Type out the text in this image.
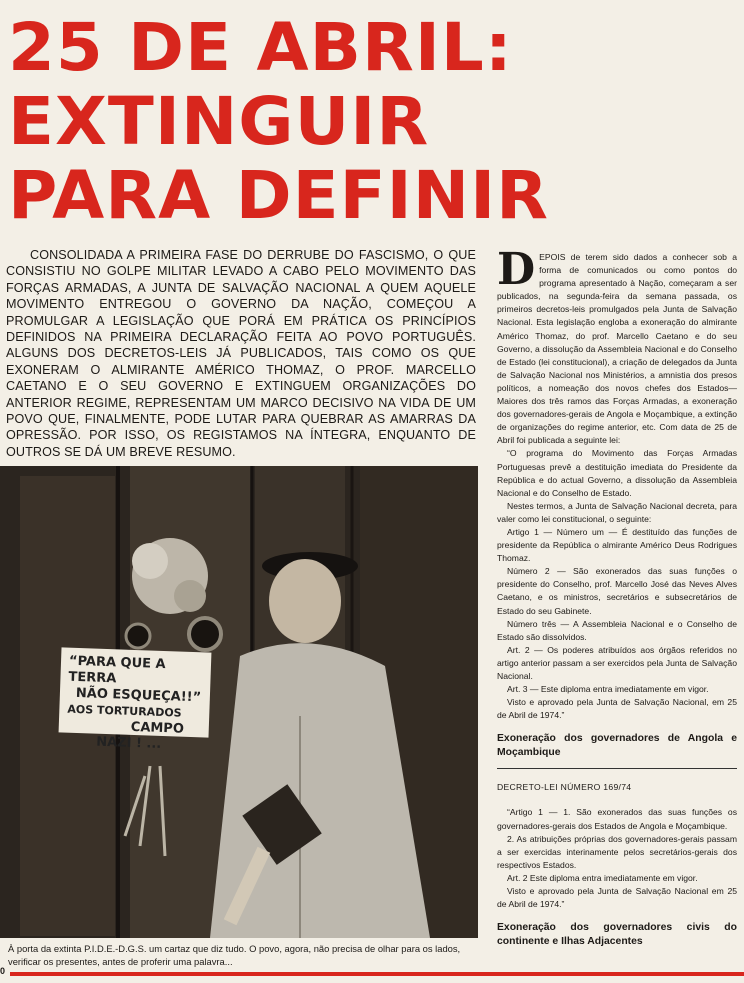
25 DE ABRIL:
EXTINGUIR
PARA DEFINIR
CONSOLIDADA A PRIMEIRA FASE DO DERRUBE DO FASCISMO, O QUE CONSISTIU NO GOLPE MILITAR LEVADO A CABO PELO MOVIMENTO DAS FORÇAS ARMADAS, A JUNTA DE SALVAÇÃO NACIONAL A QUEM AQUELE MOVIMENTO ENTREGOU O GOVERNO DA NAÇÃO, COMEÇOU A PROMULGAR A LEGISLAÇÃO QUE PORÁ EM PRÁTICA OS PRINCÍPIOS DEFINIDOS NA PRIMEIRA DECLARAÇÃO FEITA AO POVO PORTUGUÊS. ALGUNS DOS DECRETOS-LEIS JÁ PUBLICADOS, TAIS COMO OS QUE EXONERAM O ALMIRANTE AMÉRICO THOMAZ, O PROF. MARCELLO CAETANO E O SEU GOVERNO E EXTINGUEM ORGANIZAÇÕES DO ANTERIOR REGIME, REPRESENTAM UM MARCO DECISIVO NA VIDA DE UM POVO QUE, FINALMENTE, PODE LUTAR PARA QUEBRAR AS AMARRAS DA OPRESSÃO. POR ISSO, OS REGISTAMOS NA ÍNTEGRA, ENQUANTO DE OUTROS SE DÁ UM BREVE RESUMO.
“PARA QUE A TERRA
NÃO ESQUEÇA!!”
AOS TORTURADOS
CAMPO
NAZI ! ...
À porta da extinta P.I.D.E.-D.G.S. um cartaz que diz tudo. O povo, agora, não precisa de olhar para os lados, verificar os presentes, antes de proferir uma palavra...
0

DEPOIS de terem sido dados a conhecer sob a forma de comunicados ou como pontos do programa apresentado à Nação, começaram a ser publicados, na segunda-feira da semana passada, os primeiros decretos-leis promulgados pela Junta de Salvação Nacional. Esta legislação engloba a exoneração do almirante Américo Thomaz, do prof. Marcello Caetano e do seu Governo, a dissolução da Assembleia Nacional e do Conselho de Estado (lei constitucional), a criação de delegados da Junta de Salvação Nacional nos Ministérios, a amnistia dos presos políticos, a nomeação dos novos chefes dos Estados—Maiores dos três ramos das Forças Armadas, a exoneração dos governadores-gerais de Angola e Moçambique, a extinção de organizações do regime anterior, etc. Com data de 25 de Abril foi publicada a seguinte lei:

“O programa do Movimento das Forças Armadas Portuguesas prevê a destituição imediata do Presidente da República e do actual Governo, a dissolução da Assembleia Nacional e do Conselho de Estado.

Nestes termos, a Junta de Salvação Nacional decreta, para valer como lei constitucional, o seguinte:

Artigo 1 — Número um — É destituído das funções de presidente da República o almirante Américo Deus Rodrigues Thomaz.

Número 2 — São exonerados das suas funções o presidente do Conselho, prof. Marcello José das Neves Alves Caetano, e os ministros, secretários e subsecretários de Estado do seu Gabinete.

Número três — A Assembleia Nacional e o Conselho de Estado são dissolvidos.

Art. 2 — Os poderes atribuídos aos órgãos referidos no artigo anterior passam a ser exercidos pela Junta de Salvação Nacional.

Art. 3 — Este diploma entra imediatamente em vigor.

Visto e aprovado pela Junta de Salvação Nacional, em 25 de Abril de 1974.”

Exoneração dos governadores de Angola e Moçambique

DECRETO-LEI NÚMERO 169/74

“Artigo 1 — 1. São exonerados das suas funções os governadores-gerais dos Estados de Angola e Moçambique.

2. As atribuições próprias dos governadores-gerais passam a ser exercidas interinamente pelos secretários-gerais dos respectivos Estados.

Art. 2 Este diploma entra imediatamente em vigor.

Visto e aprovado pela Junta de Salvação Nacional em 25 de Abril de 1974.”

Exoneração dos governadores civis do continente e Ilhas Adjacentes
